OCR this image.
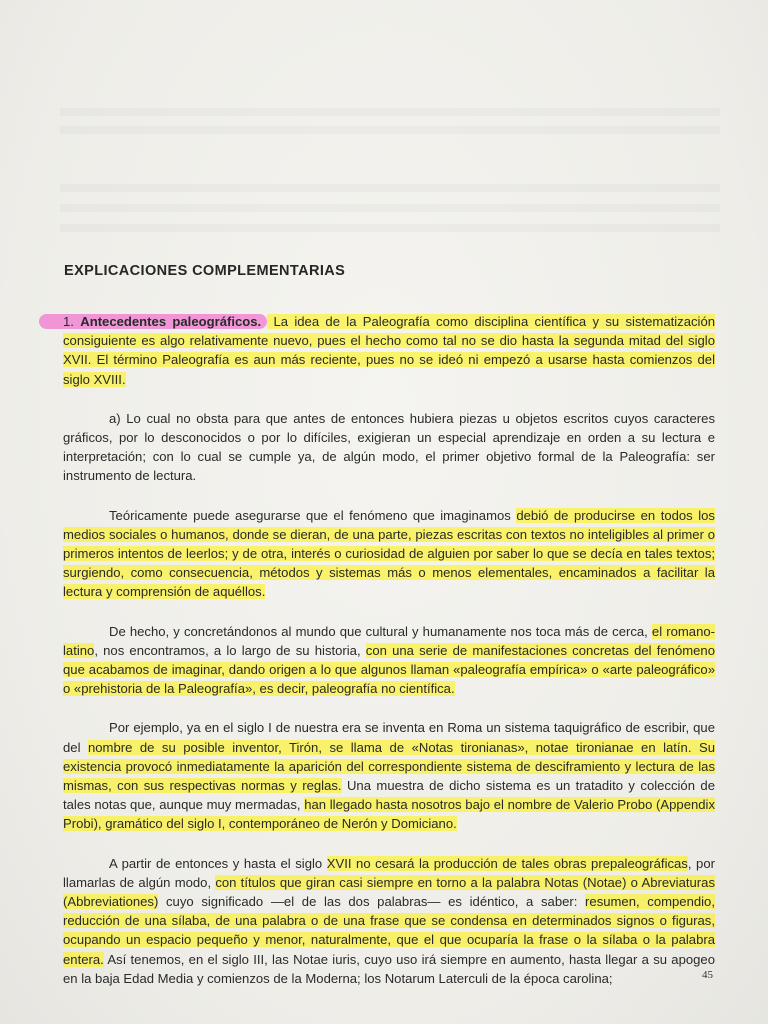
EXPLICACIONES COMPLEMENTARIAS

1. Antecedentes paleográficos. La idea de la Paleografía como disciplina científica y su sistematización consiguiente es algo relativamente nuevo, pues el hecho como tal no se dio hasta la segunda mitad del siglo XVII. El término Paleografía es aun más reciente, pues no se ideó ni empezó a usarse hasta comienzos del siglo XVIII.

a) Lo cual no obsta para que antes de entonces hubiera piezas u objetos escritos cuyos caracteres gráficos, por lo desconocidos o por lo difíciles, exigieran un especial aprendizaje en orden a su lectura e interpretación; con lo cual se cumple ya, de algún modo, el primer objetivo formal de la Paleografía: ser instrumento de lectura.

Teóricamente puede asegurarse que el fenómeno que imaginamos debió de producirse en todos los medios sociales o humanos, donde se dieran, de una parte, piezas escritas con textos no inteligibles al primer o primeros intentos de leerlos; y de otra, interés o curiosidad de alguien por saber lo que se decía en tales textos; surgiendo, como consecuencia, métodos y sistemas más o menos elementales, encaminados a facilitar la lectura y comprensión de aquéllos.

De hecho, y concretándonos al mundo que cultural y humanamente nos toca más de cerca, el romano-latino, nos encontramos, a lo largo de su historia, con una serie de manifestaciones concretas del fenómeno que acabamos de imaginar, dando origen a lo que algunos llaman «paleografía empírica» o «arte paleográfico» o «prehistoria de la Paleografía», es decir, paleografía no científica.

Por ejemplo, ya en el siglo I de nuestra era se inventa en Roma un sistema taquigráfico de escribir, que del nombre de su posible inventor, Tirón, se llama de «Notas tironianas», notae tironianae en latín. Su existencia provocó inmediatamente la aparición del correspondiente sistema de desciframiento y lectura de las mismas, con sus respectivas normas y reglas. Una muestra de dicho sistema es un tratadito y colección de tales notas que, aunque muy mermadas, han llegado hasta nosotros bajo el nombre de Valerio Probo (Appendix Probi), gramático del siglo I, contemporáneo de Nerón y Domiciano.

A partir de entonces y hasta el siglo XVII no cesará la producción de tales obras prepaleográficas, por llamarlas de algún modo, con títulos que giran casi siempre en torno a la palabra Notas (Notae) o Abreviaturas (Abbreviationes) cuyo significado —el de las dos palabras— es idéntico, a saber: resumen, compendio, reducción de una sílaba, de una palabra o de una frase que se condensa en determinados signos o figuras, ocupando un espacio pequeño y menor, naturalmente, que el que ocuparía la frase o la sílaba o la palabra entera. Así tenemos, en el siglo III, las Notae iuris, cuyo uso irá siempre en aumento, hasta llegar a su apogeo en la baja Edad Media y comienzos de la Moderna; los Notarum Laterculi de la época carolina;	45
